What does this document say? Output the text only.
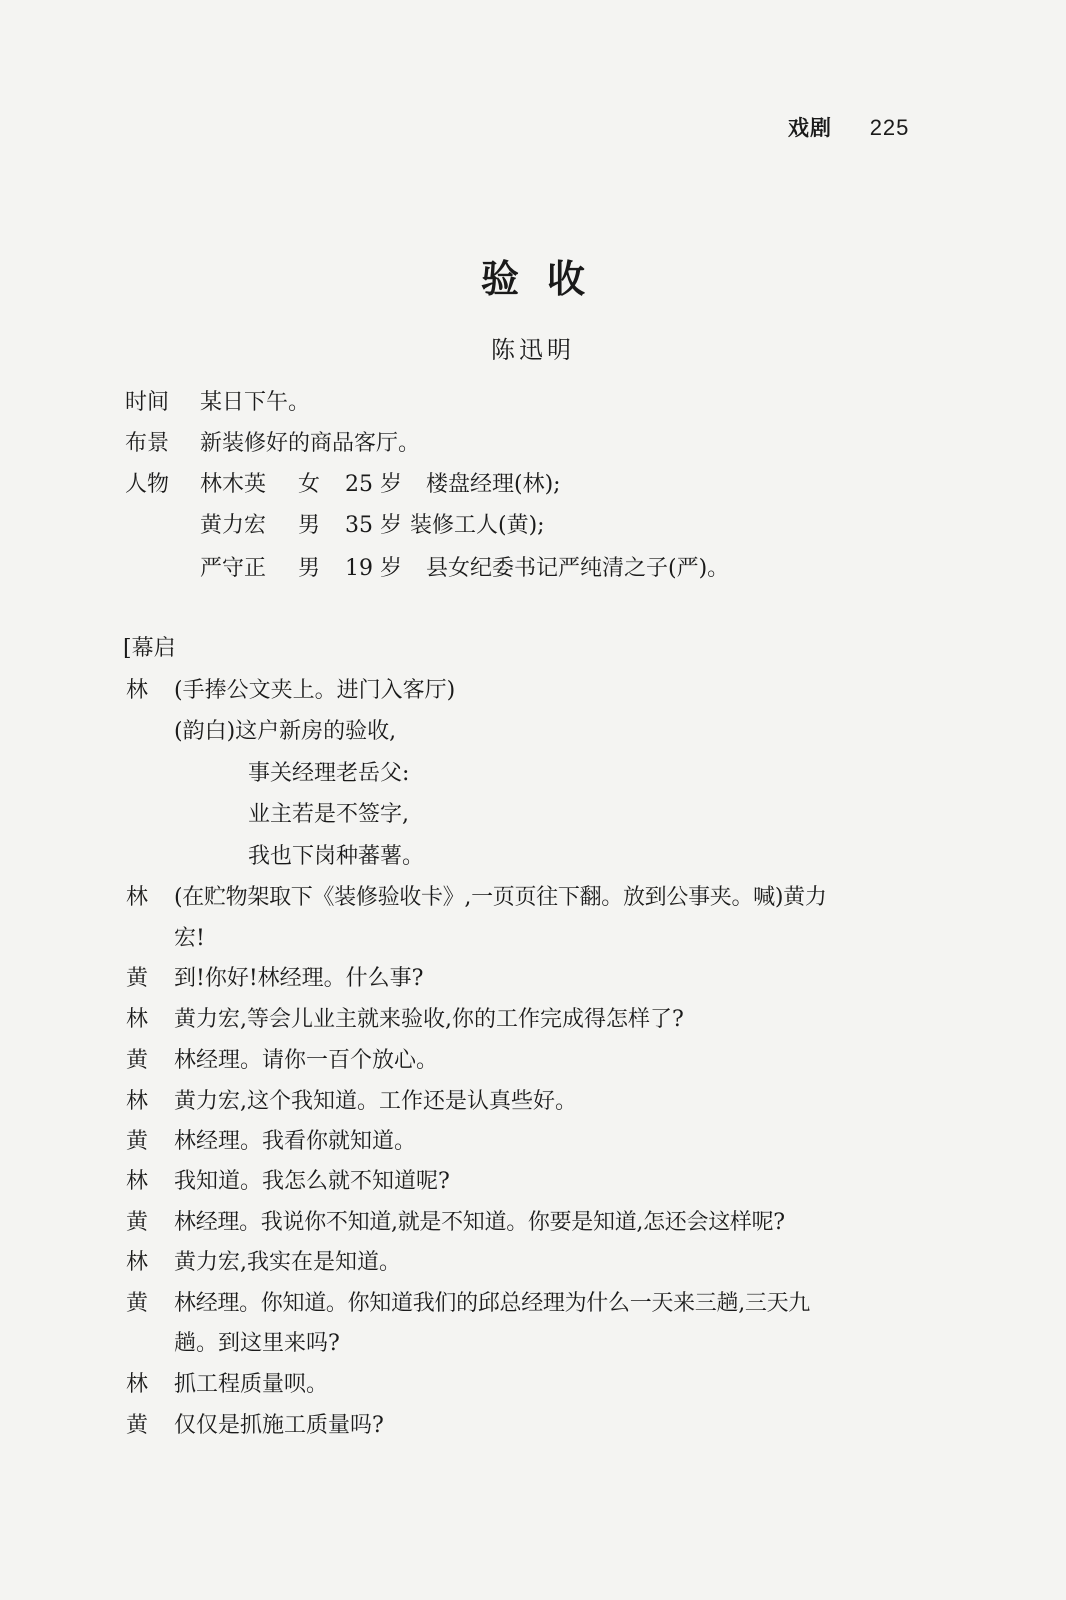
戏剧 225
验收
陈迅明
时间 某日下午。
布景 新装修好的商品客厅。
人物 林木英 女 25 岁 楼盘经理(林);
黄力宏 男 35 岁 装修工人(黄);
严守正 男 19 岁 县女纪委书记严纯清之子(严)。
[幕启
林 (手捧公文夹上。进门入客厅)
(韵白)这户新房的验收,
事关经理老岳父:
业主若是不签字,
我也下岗种蕃薯。
林 (在贮物架取下《装修验收卡》,一页页往下翻。放到公事夹。喊)黄力
宏!
黄 到!你好!林经理。什么事?
林 黄力宏,等会儿业主就来验收,你的工作完成得怎样了?
黄 林经理。请你一百个放心。
林 黄力宏,这个我知道。工作还是认真些好。
黄 林经理。我看你就知道。
林 我知道。我怎么就不知道呢?
黄 林经理。我说你不知道,就是不知道。你要是知道,怎还会这样呢?
林 黄力宏,我实在是知道。
黄 林经理。你知道。你知道我们的邱总经理为什么一天来三趟,三天九
趟。到这里来吗?
林 抓工程质量呗。
黄 仅仅是抓施工质量吗?
